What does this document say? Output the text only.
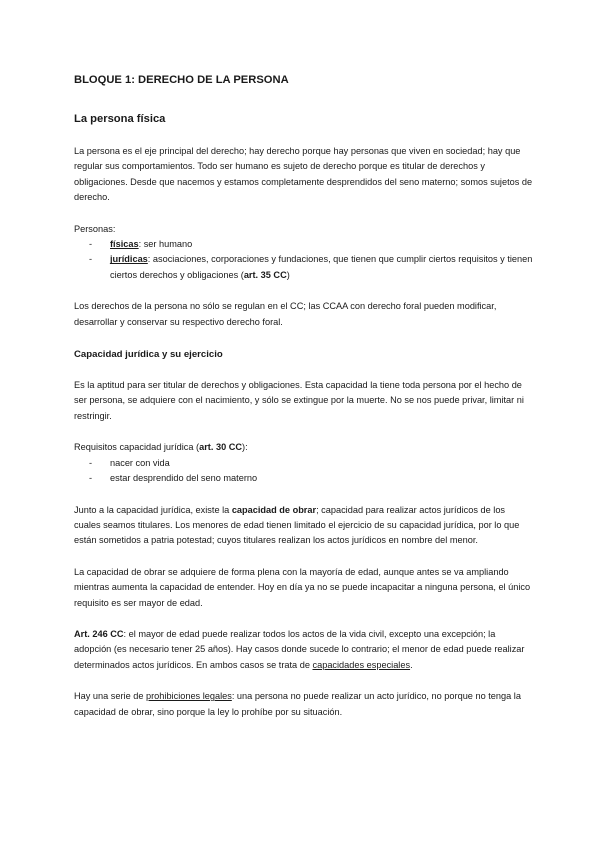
BLOQUE 1: DERECHO DE LA PERSONA
La persona física

La persona es el eje principal del derecho; hay derecho porque hay personas que viven en sociedad; hay que regular sus comportamientos. Todo ser humano es sujeto de derecho porque es titular de derechos y obligaciones. Desde que nacemos y estamos completamente desprendidos del seno materno; somos sujetos de derecho.

Personas:

- físicas: ser humano
- jurídicas: asociaciones, corporaciones y fundaciones, que tienen que cumplir ciertos requisitos y tienen ciertos derechos y obligaciones (art. 35 CC)

Los derechos de la persona no sólo se regulan en el CC; las CCAA con derecho foral pueden modificar, desarrollar y conservar su respectivo derecho foral.

Capacidad jurídica y su ejercicio

Es la aptitud para ser titular de derechos y obligaciones. Esta capacidad la tiene toda persona por el hecho de ser persona, se adquiere con el nacimiento, y sólo se extingue por la muerte. No se nos puede privar, limitar ni restringir.

Requisitos capacidad jurídica (art. 30 CC):

- nacer con vida
- estar desprendido del seno materno

Junto a la capacidad jurídica, existe la capacidad de obrar; capacidad para realizar actos jurídicos de los cuales seamos titulares. Los menores de edad tienen limitado el ejercicio de su capacidad jurídica, por lo que están sometidos a patria potestad; cuyos titulares realizan los actos jurídicos en nombre del menor.

La capacidad de obrar se adquiere de forma plena con la mayoría de edad, aunque antes se va ampliando mientras aumenta la capacidad de entender. Hoy en día ya no se puede incapacitar a ninguna persona, el único requisito es ser mayor de edad.

Art. 246 CC: el mayor de edad puede realizar todos los actos de la vida civil, excepto una excepción; la adopción (es necesario tener 25 años). Hay casos donde sucede lo contrario; el menor de edad puede realizar determinados actos jurídicos. En ambos casos se trata de capacidades especiales.

Hay una serie de prohibiciones legales: una persona no puede realizar un acto jurídico, no porque no tenga la capacidad de obrar, sino porque la ley lo prohíbe por su situación.
